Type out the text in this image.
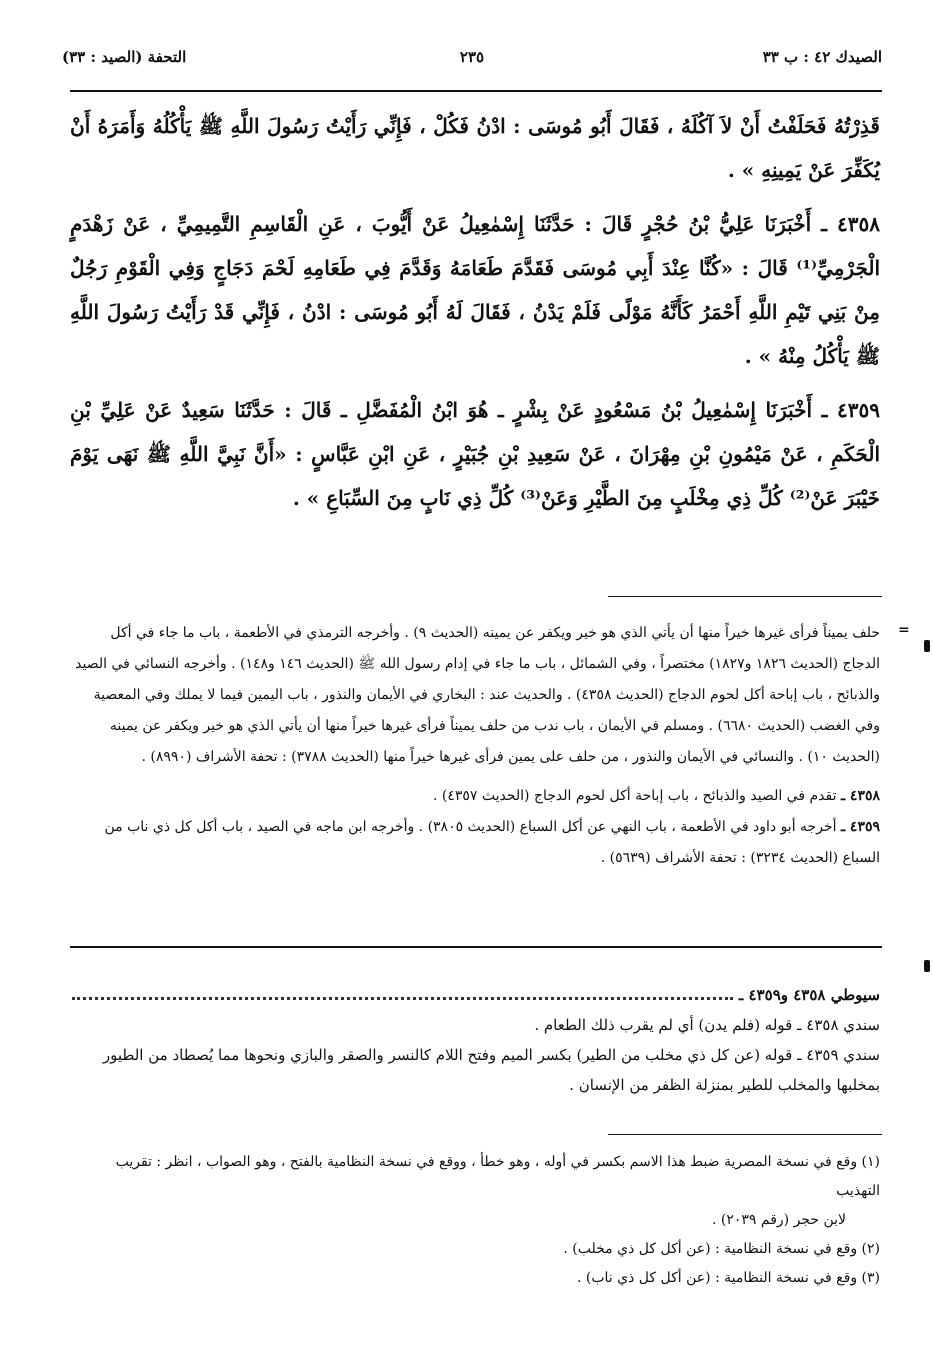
الصيدك ٤٢ : ب ٣٣
٢٣٥
التحفة (الصيد : ٣٣)

قَذِرْتُهُ فَحَلَفْتُ أَنْ لاَ آكُلَهُ ، فَقَالَ أَبُو مُوسَى : ادْنُ فَكُلْ ، فَإِنِّي رَأَيْتُ رَسُولَ اللَّهِ ﷺ يَأْكُلُهُ وَأَمَرَهُ أَنْ يُكَفِّرَ عَنْ يَمِينِهِ » .

٤٣٥٨ ـ أَخْبَرَنَا عَلِيُّ بْنُ حُجْرٍ قَالَ : حَدَّثَنَا إِسْمٰعِيلُ عَنْ أَيُّوبَ ، عَنِ الْقَاسِمِ التَّمِيمِيِّ ، عَنْ زَهْدَمٍ الْجَرْمِيِّ⁽¹⁾ قَالَ : «كُنَّا عِنْدَ أَبِي مُوسَى فَقَدَّمَ طَعَامَهُ وَقَدَّمَ فِي طَعَامِهِ لَحْمَ دَجَاجٍ وَفِي الْقَوْمِ رَجُلٌ مِنْ بَنِي تَيْمِ اللَّهِ أَحْمَرُ كَأَنَّهُ مَوْلًى فَلَمْ يَدْنُ ، فَقَالَ لَهُ أَبُو مُوسَى : ادْنُ ، فَإِنِّي قَدْ رَأَيْتُ رَسُولَ اللَّهِ ﷺ يَأْكُلُ مِنْهُ » .

٤٣٥٩ ـ أَخْبَرَنَا إِسْمٰعِيلُ بْنُ مَسْعُودٍ عَنْ بِشْرٍ ـ هُوَ ابْنُ الْمُفَضَّلِ ـ قَالَ : حَدَّثَنَا سَعِيدٌ عَنْ عَلِيِّ بْنِ الْحَكَمِ ، عَنْ مَيْمُونِ بْنِ مِهْرَانَ ، عَنْ سَعِيدِ بْنِ جُبَيْرٍ ، عَنِ ابْنِ عَبَّاسٍ : «أَنَّ نَبِيَّ اللَّهِ ﷺ نَهَى يَوْمَ خَيْبَرَ عَنْ⁽²⁾ كُلِّ ذِي مِخْلَبٍ مِنَ الطَّيْرِ وَعَنْ⁽³⁾ كُلِّ ذِي نَابٍ مِنَ السِّبَاعِ » .

=

حلف يميناً فرأى غيرها خيراً منها أن يأتي الذي هو خير ويكفر عن يمينه (الحديث ٩) . وأخرجه الترمذي في الأطعمة ، باب ما جاء في أكل الدجاج (الحديث ١٨٢٦ و١٨٢٧) مختصراً ، وفي الشمائل ، باب ما جاء في إدام رسول الله ﷺ (الحديث ١٤٦ و١٤٨) . وأخرجه النسائي في الصيد والذبائح ، باب إباحة أكل لحوم الدجاج (الحديث ٤٣٥٨) . والحديث عند : البخاري في الأيمان والنذور ، باب اليمين فيما لا يملك وفي المعصية وفي الغضب (الحديث ٦٦٨٠) . ومسلم في الأيمان ، باب ندب من حلف يميناً فرأى غيرها خيراً منها أن يأتي الذي هو خير ويكفر عن يمينه (الحديث ١٠) . والنسائي في الأيمان والنذور ، من حلف على يمين فرأى غيرها خيراً منها (الحديث ٣٧٨٨) : تحفة الأشراف (٨٩٩٠) .

٤٣٥٨ ـ تقدم في الصيد والذبائح ، باب إباحة أكل لحوم الدجاج (الحديث ٤٣٥٧) .

٤٣٥٩ ـ أخرجه أبو داود في الأطعمة ، باب النهي عن أكل السباع (الحديث ٣٨٠٥) . وأخرجه ابن ماجه في الصيد ، باب أكل كل ذي ناب من السباع (الحديث ٣٢٣٤) : تحفة الأشراف (٥٦٣٩) .

سيوطي ٤٣٥٨ و٤٣٥٩ ـ

سندي ٤٣٥٨ ـ قوله (فلم يدن) أي لم يقرب ذلك الطعام .

سندي ٤٣٥٩ ـ قوله (عن كل ذي مخلب من الطير) بكسر الميم وفتح اللام كالنسر والصقر والبازي ونحوها مما يُصطاد من الطيور بمخلبها والمخلب للطير بمنزلة الظفر من الإنسان .

(١) وقع في نسخة المصرية ضبط هذا الاسم بكسر في أوله ، وهو خطأ ، ووقع في نسخة النظامية بالفتح ، وهو الصواب ، انظر : تقريب التهذيب

لابن حجر (رقم ٢٠٣٩) .

(٢) وقع في نسخة النظامية : (عن أكل كل ذي مخلب) .

(٣) وقع في نسخة النظامية : (عن أكل كل ذي ناب) .
